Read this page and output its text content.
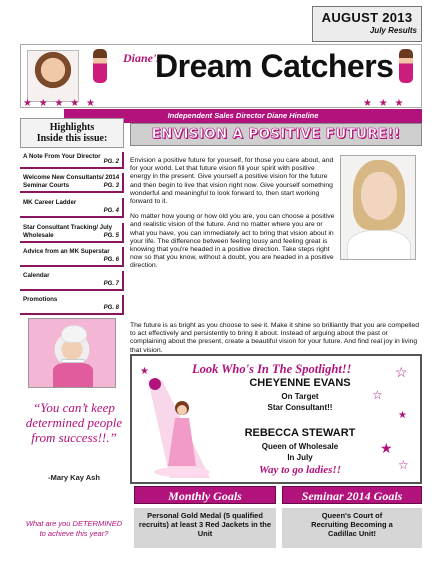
AUGUST 2013
July Results
Diane's
Dream Catchers
★ ★ ★ ★ ★	★ ★ ★
Independent Sales Director Diane Hineline
Highlights
Inside this issue:
A Note From Your Director
PG. 2
Welcome New Consultants/ 2014 Seminar Courts	PG. 3
MK Career Ladder
PG. 4
Star Consultant Tracking/ July Wholesale	PG. 5
Advice from an MK Superstar
PG. 6
Calendar
PG. 7
Promotions
PG. 8
“You can’t keep determined people from success!!.”
-Mary Kay Ash
What are you DETERMINED to achieve this year?
ENVISION A POSITIVE FUTURE!!

Envision a positive future for yourself, for those you care about, and for your world. Let that future vision fill your spirit with positive energy in the present. Give yourself a positive vision for the future and then begin to live that vision right now. Give yourself something wonderful and meaningful to look forward to, then start working forward to it.

No matter how young or how old you are, you can choose a positive and realistic vision of the future. And no matter where you are or what you have, you can immediately act to bring that vision about in your life. The difference between feeling lousy and feeling great is knowing that you're headed in a positive direction. Take steps right now so that you know, without a doubt, you are headed in a positive direction.

The future is as bright as you choose to see it. Make it shine so brilliantly that you are compelled to act effectively and persistently to bring it about. Instead of arguing about the past or complaining about the present, create a beautiful vision for your future. And find real joy in living that vision.

Look Who's In The Spotlight!!
★	☆
☆
★
★
☆
CHEYENNE EVANS
On Target
Star Consultant!!
REBECCA STEWART
Queen of Wholesale
In July
Way to go ladies!!
Monthly Goals
Personal Gold Medal (5 qualified recruits) at least 3 Red Jackets in the Unit
Seminar 2014 Goals
Queen's Court of Recruiting Becoming a Cadillac Unit!
